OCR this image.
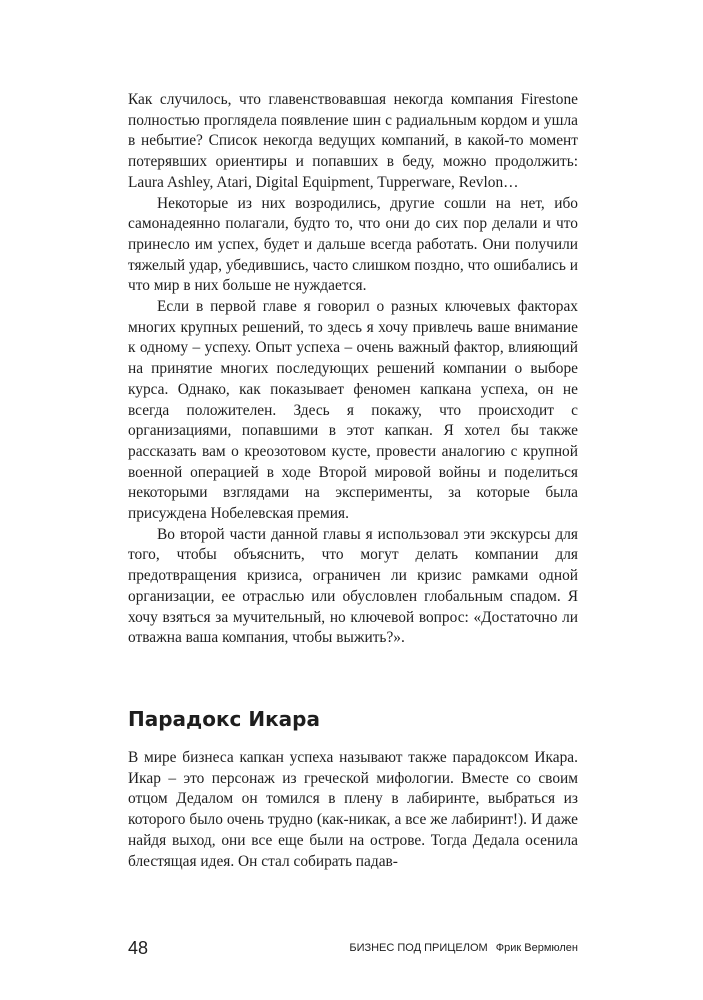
Как случилось, что главенствовавшая некогда компания Firestone полностью проглядела появление шин с радиальным кордом и ушла в небытие? Список некогда ведущих компаний, в какой-то момент потерявших ориентиры и попавших в беду, можно продолжить: Laura Ashley, Atari, Digital Equipment, Tupperware, Revlon…

Некоторые из них возродились, другие сошли на нет, ибо самонадеянно полагали, будто то, что они до сих пор делали и что принесло им успех, будет и дальше всегда работать. Они получили тяжелый удар, убедившись, часто слишком поздно, что ошибались и что мир в них больше не нуждается.

Если в первой главе я говорил о разных ключевых факторах многих крупных решений, то здесь я хочу привлечь ваше внимание к одному – успеху. Опыт успеха – очень важный фактор, влияющий на принятие многих последующих решений компании о выборе курса. Однако, как показывает феномен капкана успеха, он не всегда положителен. Здесь я покажу, что происходит с организациями, попавшими в этот капкан. Я хотел бы также рассказать вам о креозотовом кусте, провести аналогию с крупной военной операцией в ходе Второй мировой войны и поделиться некоторыми взглядами на эксперименты, за которые была присуждена Нобелевская премия.

Во второй части данной главы я использовал эти экскурсы для того, чтобы объяснить, что могут делать компании для предотвращения кризиса, ограничен ли кризис рамками одной организации, ее отраслью или обусловлен глобальным спадом. Я хочу взяться за мучительный, но ключевой вопрос: «Достаточно ли отважна ваша компания, чтобы выжить?».

Парадокс Икара

В мире бизнеса капкан успеха называют также парадоксом Икара. Икар – это персонаж из греческой мифологии. Вместе со своим отцом Дедалом он томился в плену в лабиринте, выбраться из которого было очень трудно (как-никак, а все же лабиринт!). И даже найдя выход, они все еще были на острове. Тогда Дедала осенила блестящая идея. Он стал собирать падав-

48	БИЗНЕС ПОД ПРИЦЕЛОМ Фрик Вермюлен
